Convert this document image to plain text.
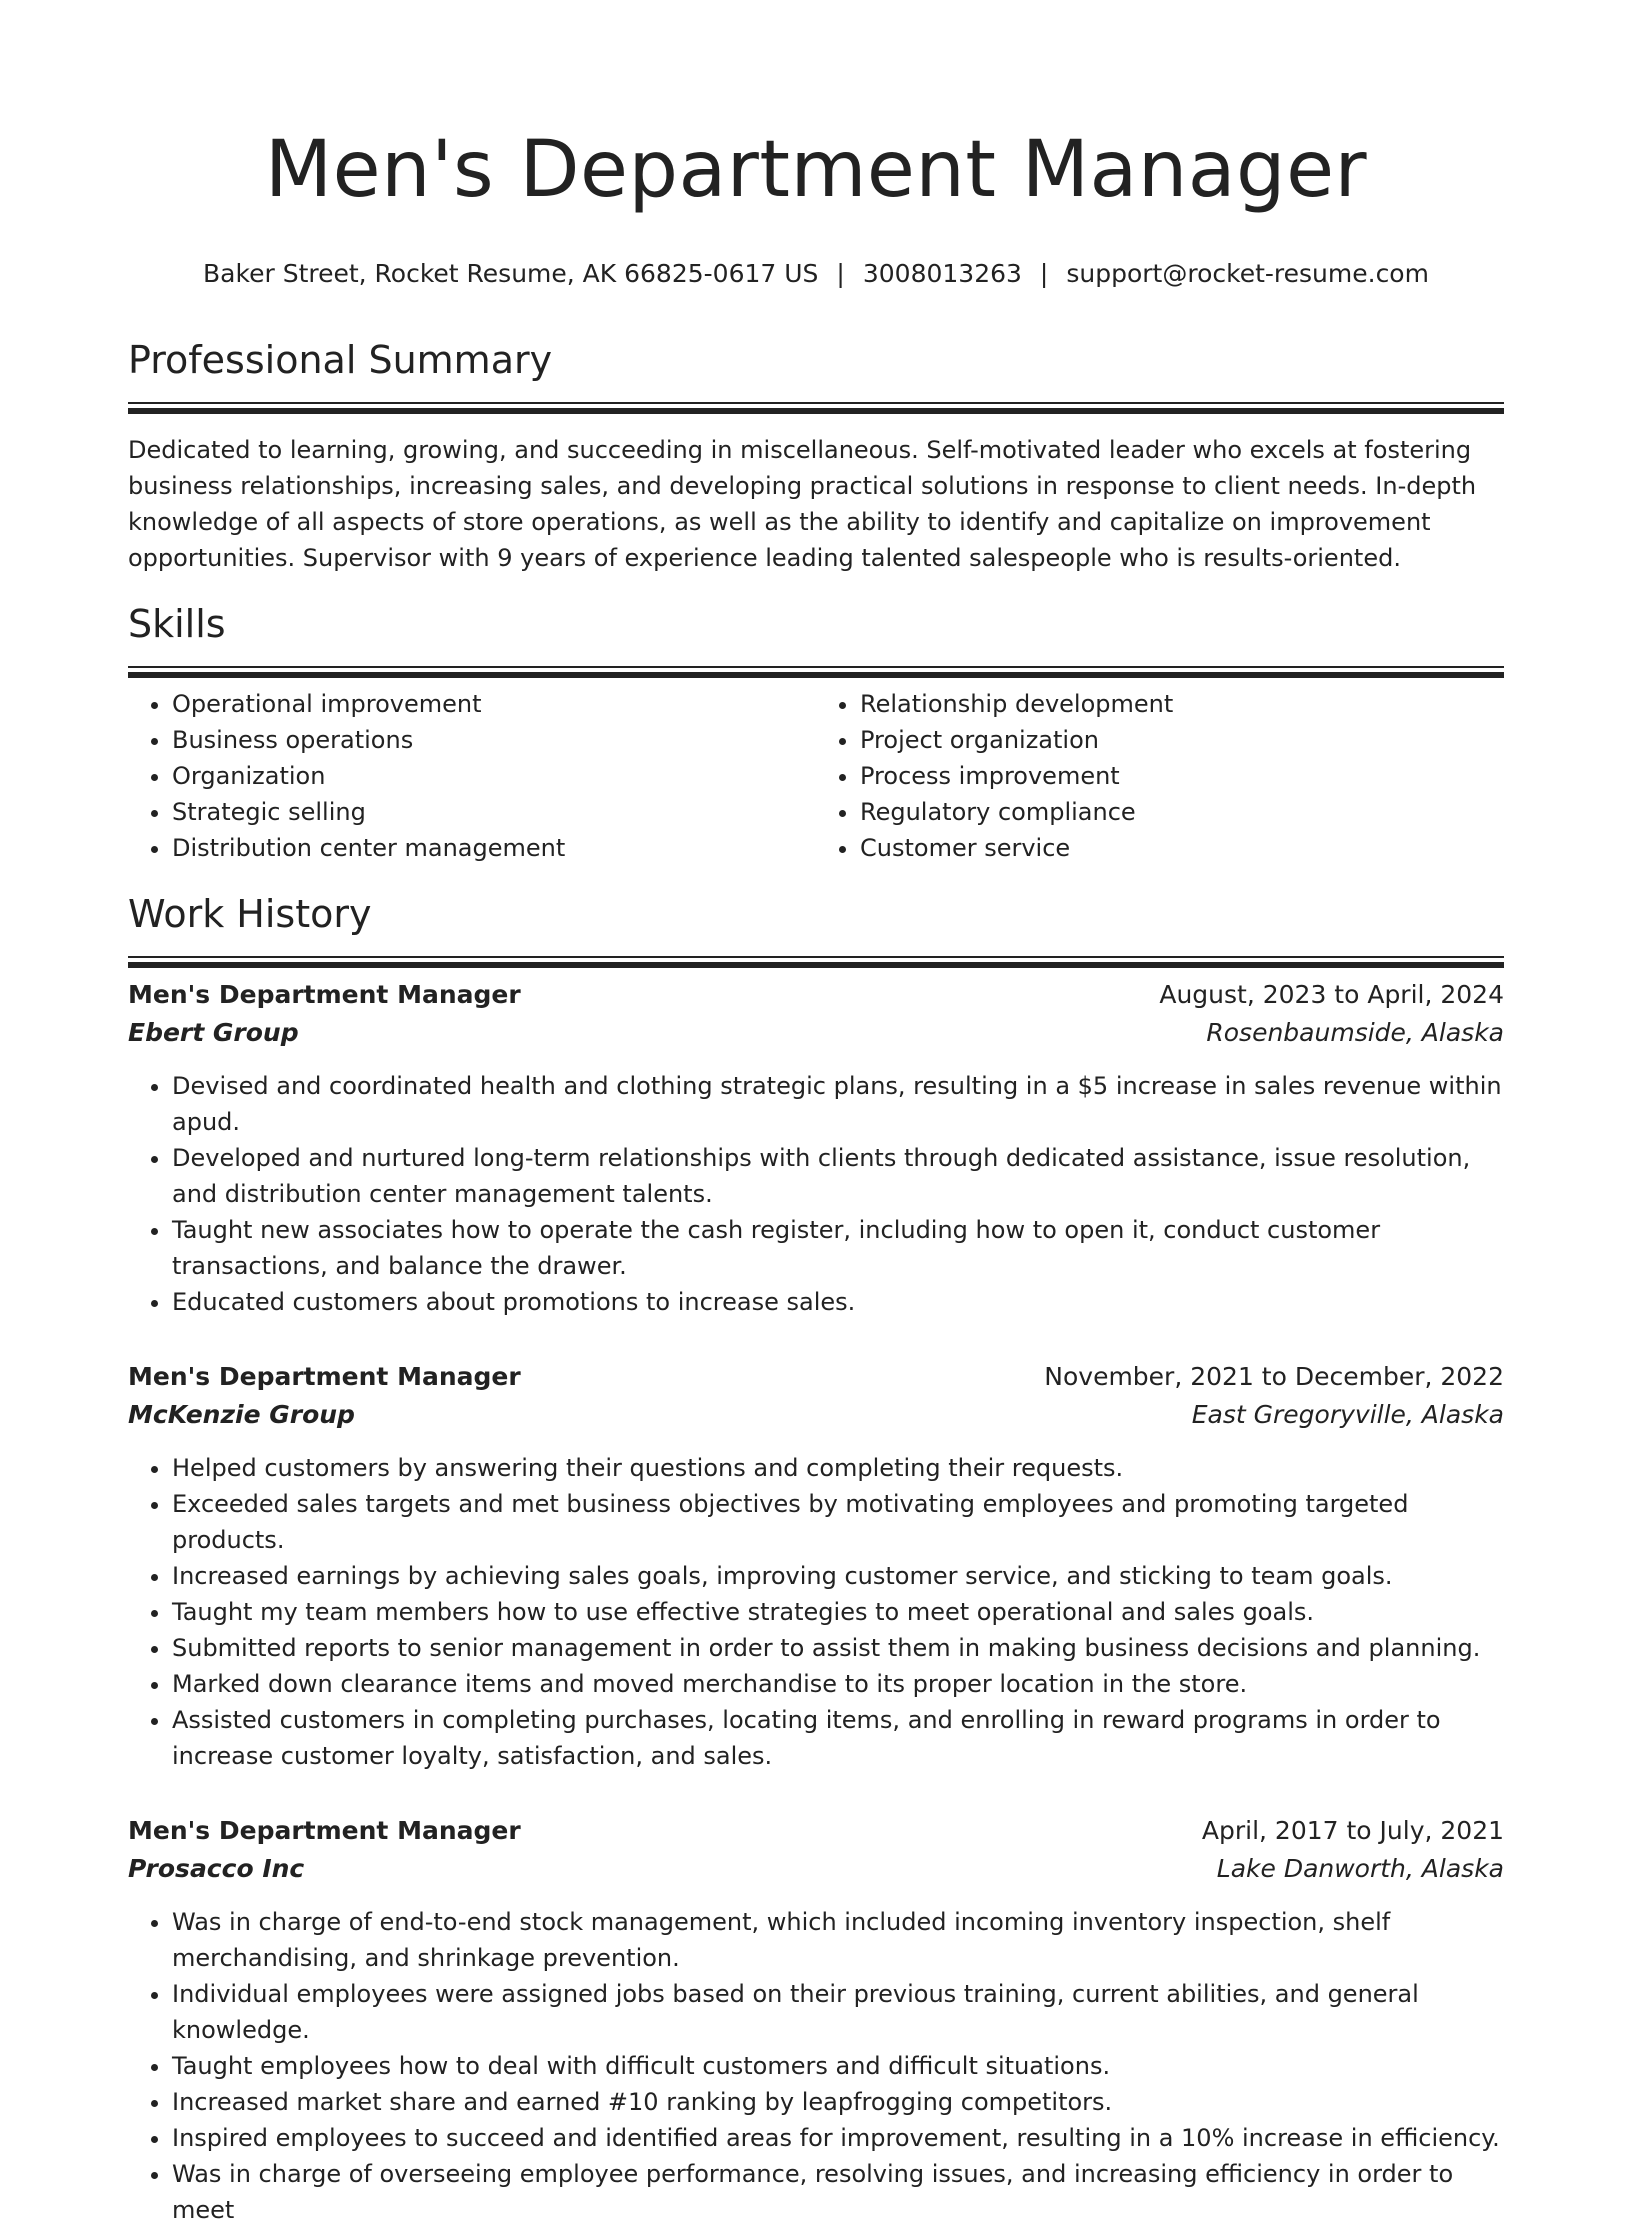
Men's Department Manager
Baker Street, Rocket Resume, AK 66825-0617 US | 3008013263 | support@rocket-resume.com
Professional Summary

Dedicated to learning, growing, and succeeding in miscellaneous. Self-motivated leader who excels at fostering business relationships, increasing sales, and developing practical solutions in response to client needs. In-depth knowledge of all aspects of store operations, as well as the ability to identify and capitalize on improvement opportunities. Supervisor with 9 years of experience leading talented salespeople who is results-oriented.

Skills
• Operational improvement
• Business operations
• Organization
• Strategic selling
• Distribution center management
• Relationship development
• Project organization
• Process improvement
• Regulatory compliance
• Customer service
Work History
Men's Department Manager	August, 2023 to April, 2024
Ebert Group	Rosenbaumside, Alaska
• Devised and coordinated health and clothing strategic plans, resulting in a $5 increase in sales revenue within apud.
• Developed and nurtured long-term relationships with clients through dedicated assistance, issue resolution, and distribution center management talents.
• Taught new associates how to operate the cash register, including how to open it, conduct customer transactions, and balance the drawer.
• Educated customers about promotions to increase sales.
Men's Department Manager	November, 2021 to December, 2022
McKenzie Group	East Gregoryville, Alaska
• Helped customers by answering their questions and completing their requests.
• Exceeded sales targets and met business objectives by motivating employees and promoting targeted products.
• Increased earnings by achieving sales goals, improving customer service, and sticking to team goals.
• Taught my team members how to use effective strategies to meet operational and sales goals.
• Submitted reports to senior management in order to assist them in making business decisions and planning.
• Marked down clearance items and moved merchandise to its proper location in the store.
• Assisted customers in completing purchases, locating items, and enrolling in reward programs in order to increase customer loyalty, satisfaction, and sales.
Men's Department Manager	April, 2017 to July, 2021
Prosacco Inc	Lake Danworth, Alaska
• Was in charge of end-to-end stock management, which included incoming inventory inspection, shelf merchandising, and shrinkage prevention.
• Individual employees were assigned jobs based on their previous training, current abilities, and general knowledge.
• Taught employees how to deal with difficult customers and difficult situations.
• Increased market share and earned #10 ranking by leapfrogging competitors.
• Inspired employees to succeed and identified areas for improvement, resulting in a 10% increase in efficiency.
• Was in charge of overseeing employee performance, resolving issues, and increasing efficiency in order to meet
